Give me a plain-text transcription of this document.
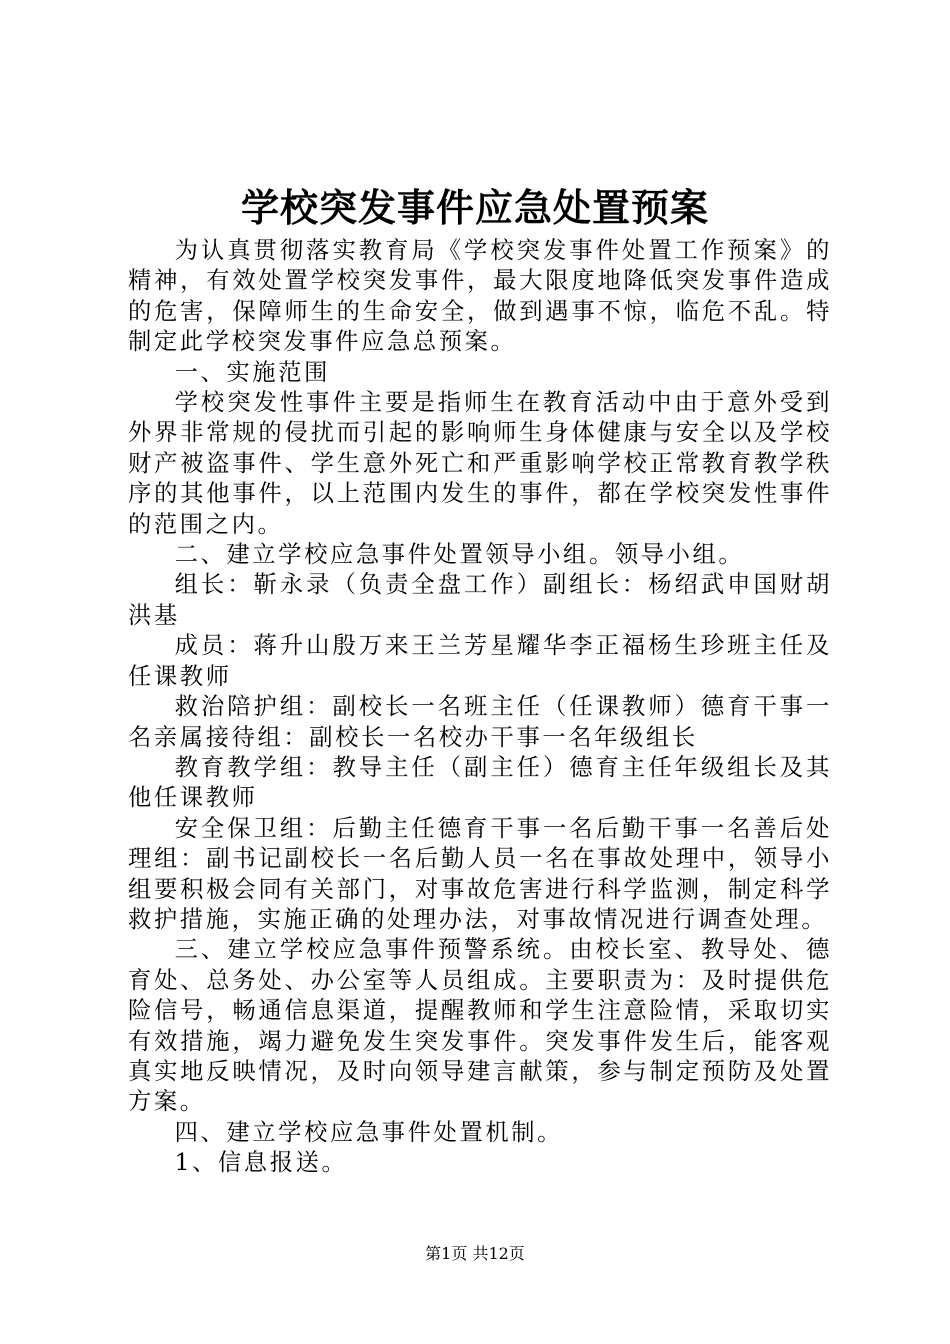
学校突发事件应急处置预案

为认真贯彻落实教育局《学校突发事件处置工作预案》的精神，有效处置学校突发事件，最大限度地降低突发事件造成的危害，保障师生的生命安全，做到遇事不惊，临危不乱。特制定此学校突发事件应急总预案。

一、实施范围

学校突发性事件主要是指师生在教育活动中由于意外受到外界非常规的侵扰而引起的影响师生身体健康与安全以及学校财产被盗事件、学生意外死亡和严重影响学校正常教育教学秩序的其他事件，以上范围内发生的事件，都在学校突发性事件的范围之内。

二、建立学校应急事件处置领导小组。领导小组。

组长：靳永录（负责全盘工作）副组长：杨绍武申国财胡洪基

成员：蒋升山殷万来王兰芳星耀华李正福杨生珍班主任及任课教师

救治陪护组：副校长一名班主任（任课教师）德育干事一名亲属接待组：副校长一名校办干事一名年级组长

教育教学组：教导主任（副主任）德育主任年级组长及其他任课教师

安全保卫组：后勤主任德育干事一名后勤干事一名善后处理组：副书记副校长一名后勤人员一名在事故处理中，领导小组要积极会同有关部门，对事故危害进行科学监测，制定科学救护措施，实施正确的处理办法，对事故情况进行调查处理。

三、建立学校应急事件预警系统。由校长室、教导处、德育处、总务处、办公室等人员组成。主要职责为：及时提供危险信号，畅通信息渠道，提醒教师和学生注意险情，采取切实有效措施，竭力避免发生突发事件。突发事件发生后，能客观真实地反映情况，及时向领导建言献策，参与制定预防及处置方案。

四、建立学校应急事件处置机制。

1、信息报送。

第1页 共12页
